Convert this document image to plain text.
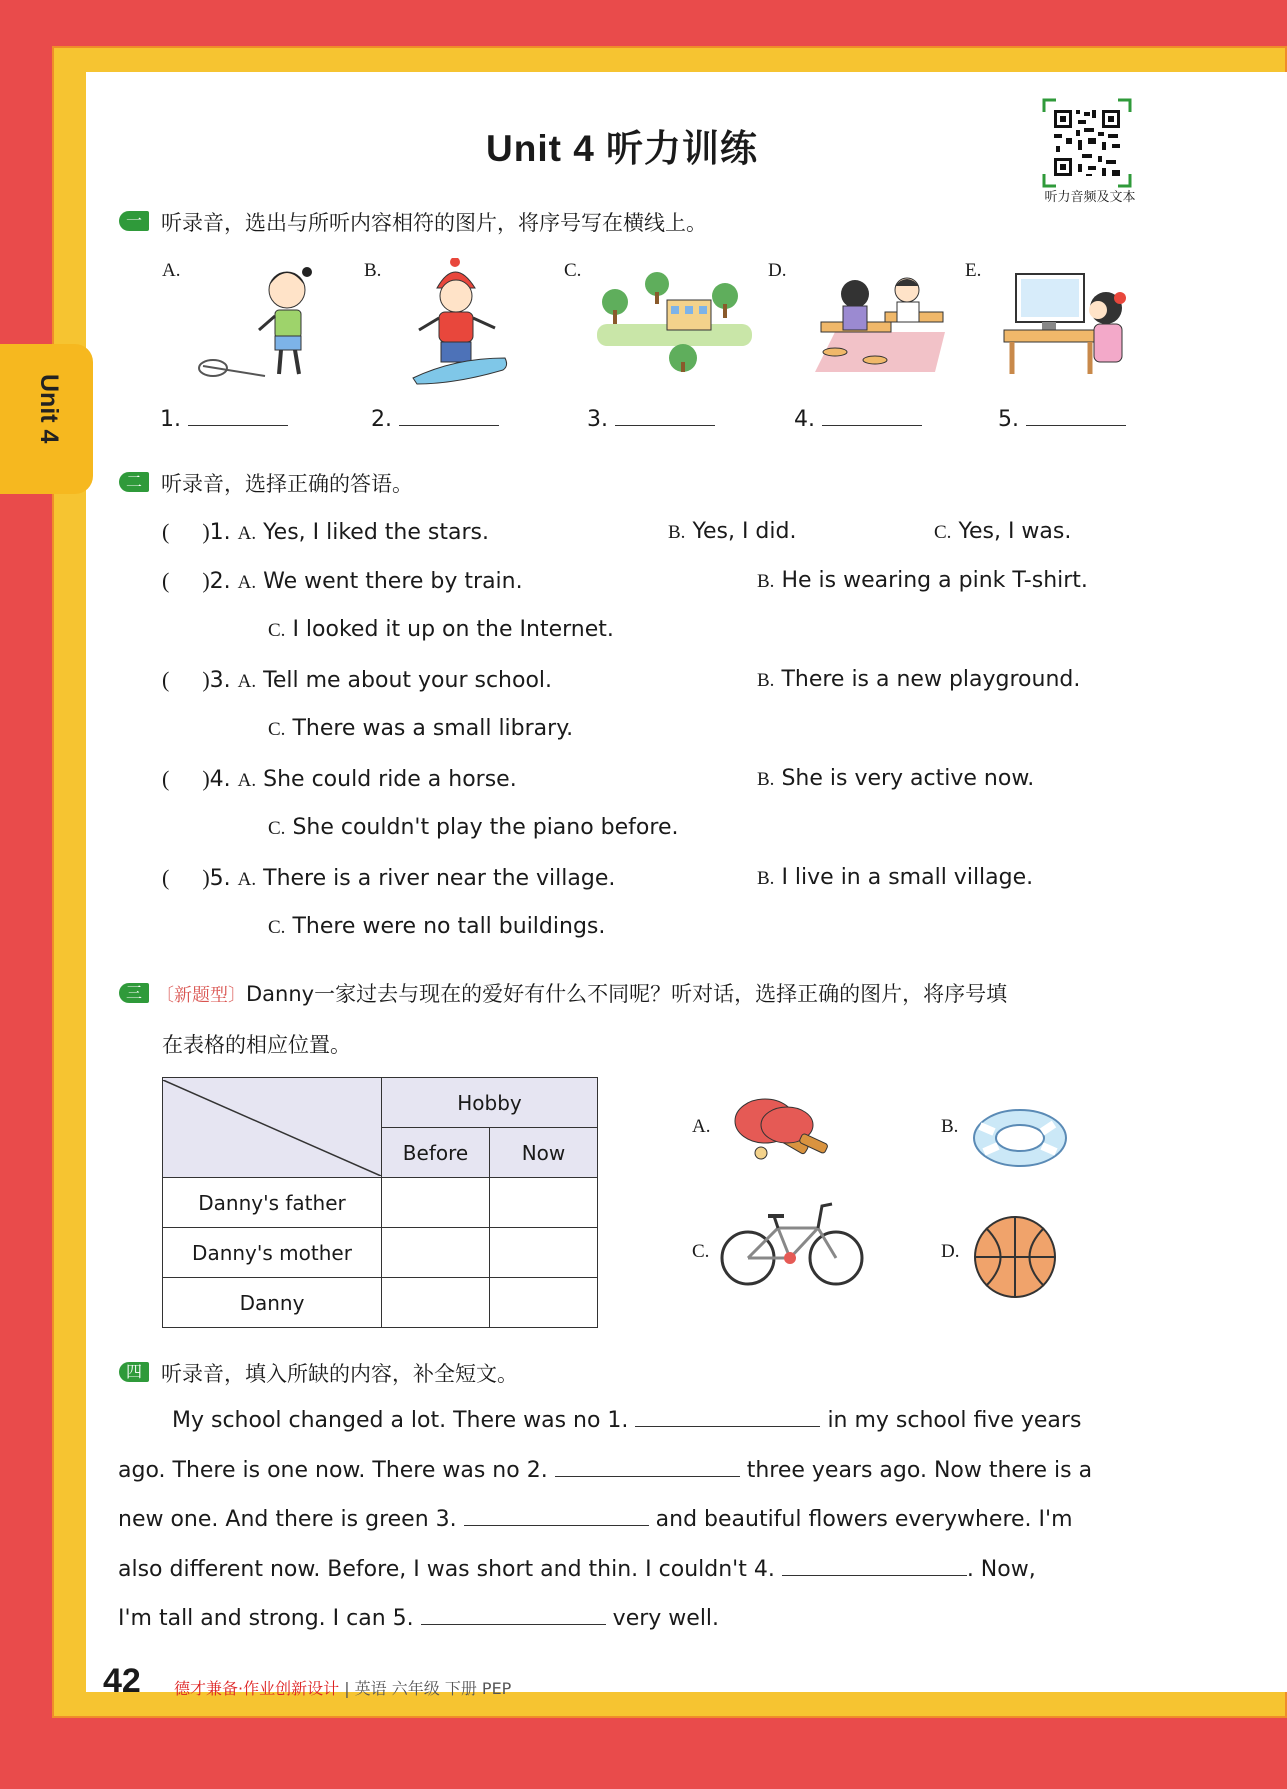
Unit 4 听力训练
听力音频及文本
Unit 4
一 听录音，选出与所听内容相符的图片，将序号写在横线上。
A.	B.	C.	D.	E.
1.	2.	3.	4.	5.
二 听录音，选择正确的答语。
(      )1. A. Yes, I liked the stars.	B. Yes, I did.	C. Yes, I was.
(      )2. A. We went there by train.	B. He is wearing a pink T-shirt.
C. I looked it up on the Internet.
(      )3. A. Tell me about your school.	B. There is a new playground.
C. There was a small library.
(      )4. A. She could ride a horse.	B. She is very active now.
C. She couldn't play the piano before.
(      )5. A. There is a river near the village.	B. I live in a small village.
C. There were no tall buildings.
三 〔新题型〕Danny一家过去与现在的爱好有什么不同呢？听对话，选择正确的图片，将序号填
在表格的相应位置。
	Hobby	
	Before	Now
Danny's father		
Danny's mother		
Danny		
A.	B.
C.	D.
四 听录音，填入所缺的内容，补全短文。
My school changed a lot. There was no 1.	in my school five years
ago. There is one now. There was no 2.	three years ago. Now there is a
new one. And there is green 3.	and beautiful flowers everywhere. I'm
also different now. Before, I was short and thin. I couldn't 4.	. Now,
I'm tall and strong. I can 5.	very well.
42 德才兼备·作业创新设计 | 英语 六年级 下册 PEP
